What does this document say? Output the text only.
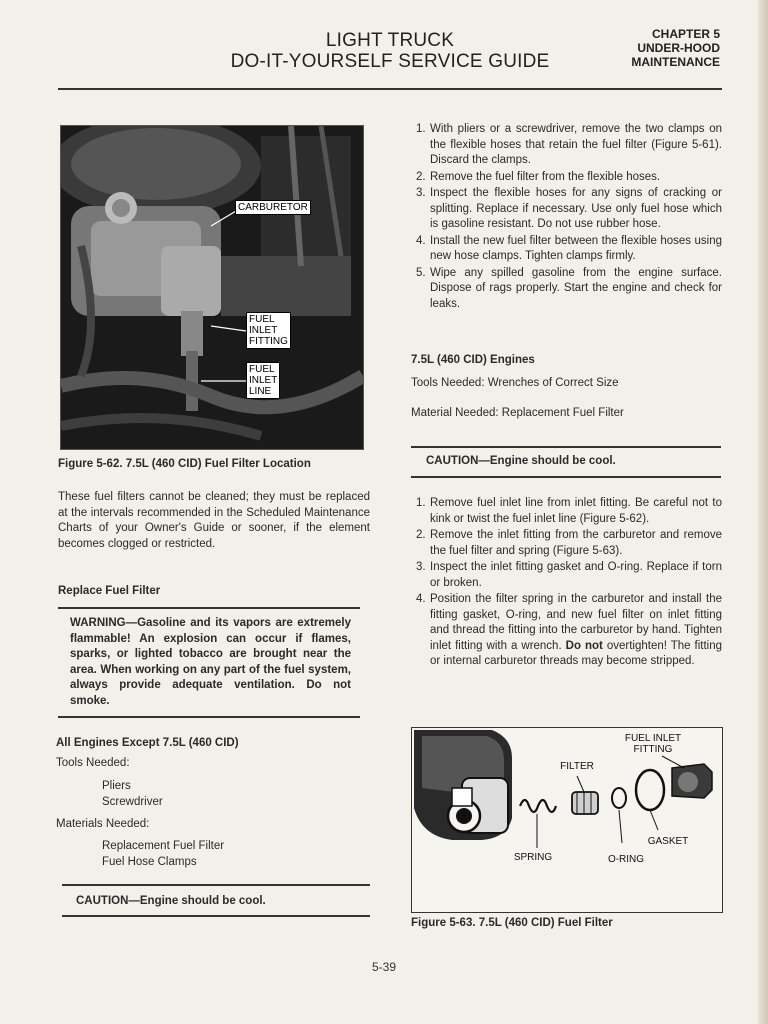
LIGHT TRUCK
DO-IT-YOURSELF SERVICE GUIDE
CHAPTER 5
UNDER-HOOD
MAINTENANCE
CARBURETOR
FUEL
INLET
FITTING
FUEL
INLET
LINE
Figure 5-62. 7.5L (460 CID) Fuel Filter Location
These fuel filters cannot be cleaned; they must be replaced at the intervals recommended in the Scheduled Maintenance Charts of your Owner's Guide or sooner, if the element becomes clogged or restricted.
Replace Fuel Filter
WARNING—Gasoline and its vapors are extremely flammable! An explosion can occur if flames, sparks, or lighted tobacco are brought near the area. When working on any part of the fuel system, always provide adequate ventilation. Do not smoke.
All Engines Except 7.5L (460 CID)
Tools Needed:
Pliers
Screwdriver
Materials Needed:
Replacement Fuel Filter
Fuel Hose Clamps
CAUTION—Engine should be cool.
1. With pliers or a screwdriver, remove the two clamps on the flexible hoses that retain the fuel filter (Figure 5-61). Discard the clamps.
2. Remove the fuel filter from the flexible hoses.
3. Inspect the flexible hoses for any signs of cracking or splitting. Replace if necessary. Use only fuel hose which is gasoline resistant. Do not use rubber hose.
4. Install the new fuel filter between the flexible hoses using new hose clamps. Tighten clamps firmly.
5. Wipe any spilled gasoline from the engine surface. Dispose of rags properly. Start the engine and check for leaks.
7.5L (460 CID) Engines
Tools Needed: Wrenches of Correct Size
Material Needed: Replacement Fuel Filter
CAUTION—Engine should be cool.
1. Remove fuel inlet line from inlet fitting. Be careful not to kink or twist the fuel inlet line (Figure 5-62).
2. Remove the inlet fitting from the carburetor and remove the fuel filter and spring (Figure 5-63).
3. Inspect the inlet fitting gasket and O-ring. Replace if torn or broken.
4. Position the filter spring in the carburetor and install the fitting gasket, O-ring, and new fuel filter on inlet fitting and thread the fitting into the carburetor by hand. Tighten inlet fitting with a wrench. Do not overtighten! The fitting or internal carburetor threads may become stripped.
FUEL INLET
FITTING
FILTER
GASKET
SPRING	O-RING
Figure 5-63. 7.5L (460 CID) Fuel Filter
5-39
